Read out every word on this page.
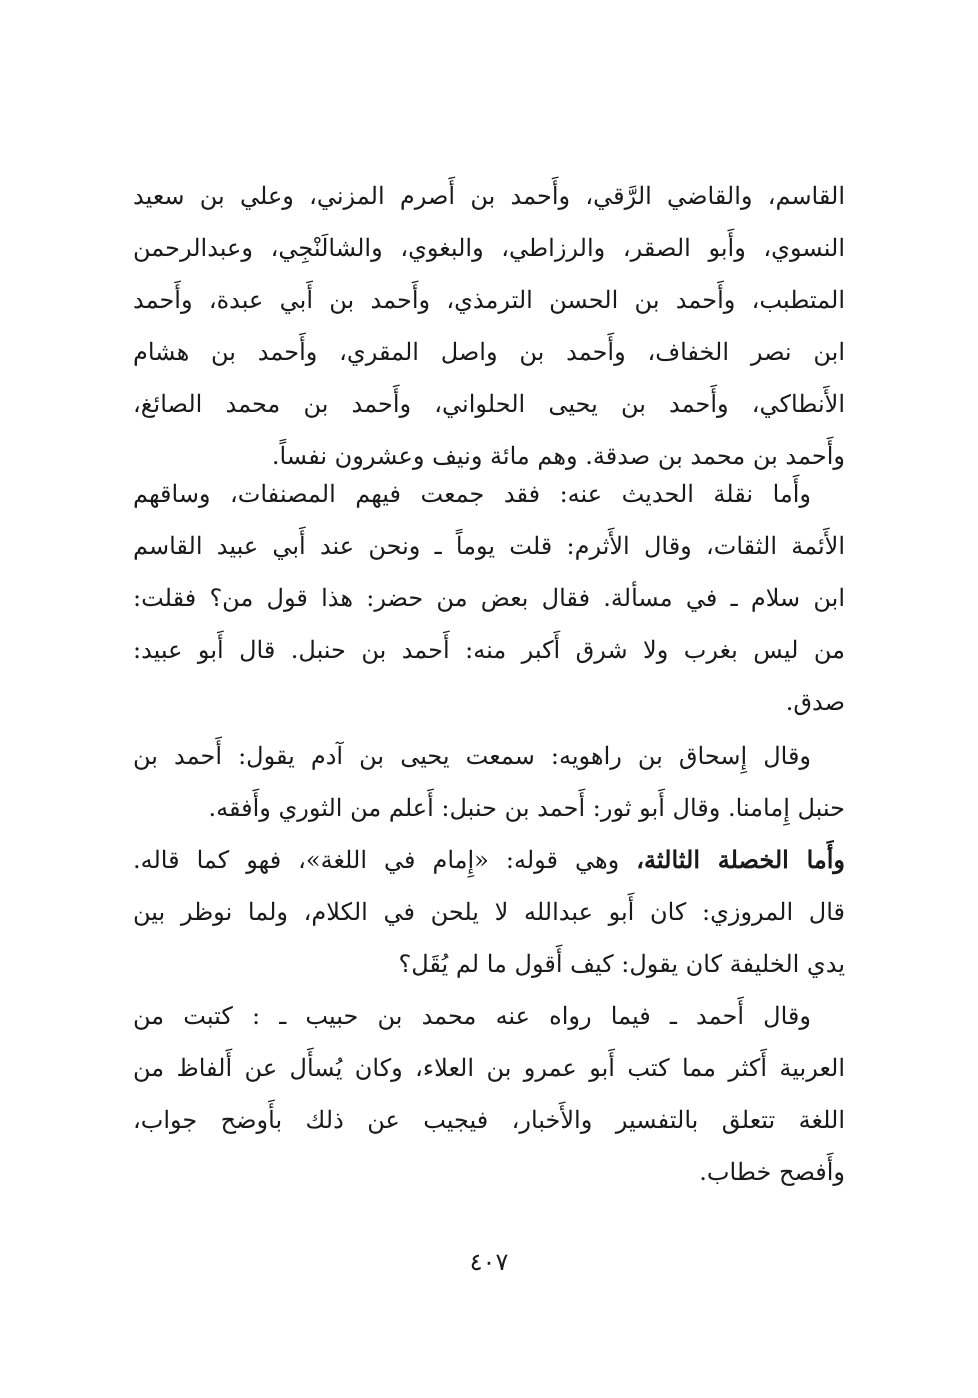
القاسم، والقاضي الرَّقي، وأَحمد بن أَصرم المزني، وعلي بن سعيد
النسوي، وأَبو الصقر، والرزاطي، والبغوي، والشالَنْجِي، وعبدالرحمن
المتطبب، وأَحمد بن الحسن الترمذي، وأَحمد بن أَبي عبدة، وأَحمد
ابن نصر الخفاف، وأَحمد بن واصل المقري، وأَحمد بن هشام
الأَنطاكي، وأَحمد بن يحيى الحلواني، وأَحمد بن محمد الصائغ،
وأَحمد بن محمد بن صدقة. وهم مائة ونيف وعشرون نفساً.
وأَما نقلة الحديث عنه: فقد جمعت فيهم المصنفات، وساقهم
الأَئمة الثقات، وقال الأَثرم: قلت يوماً ـ ونحن عند أَبي عبيد القاسم
ابن سلام ـ في مسألة. فقال بعض من حضر: هذا قول من؟ فقلت:
من ليس بغرب ولا شرق أَكبر منه: أَحمد بن حنبل. قال أَبو عبيد:
صدق.
وقال إِسحاق بن راهويه: سمعت يحيى بن آدم يقول: أَحمد بن
حنبل إِمامنا. وقال أَبو ثور: أَحمد بن حنبل: أَعلم من الثوري وأَفقه.
وأَما الخصلة الثالثة، وهي قوله: «إِمام في اللغة»، فهو كما قاله.
قال المروزي: كان أَبو عبدالله لا يلحن في الكلام، ولما نوظر بين
يدي الخليفة كان يقول: كيف أَقول ما لم يُقَل؟
وقال أَحمد ـ فيما رواه عنه محمد بن حبيب ـ : كتبت من
العربية أَكثر مما كتب أَبو عمرو بن العلاء، وكان يُسأَل عن أَلفاظ من
اللغة تتعلق بالتفسير والأَخبار، فيجيب عن ذلك بأَوضح جواب،
وأَفصح خطاب.
٤٠٧
